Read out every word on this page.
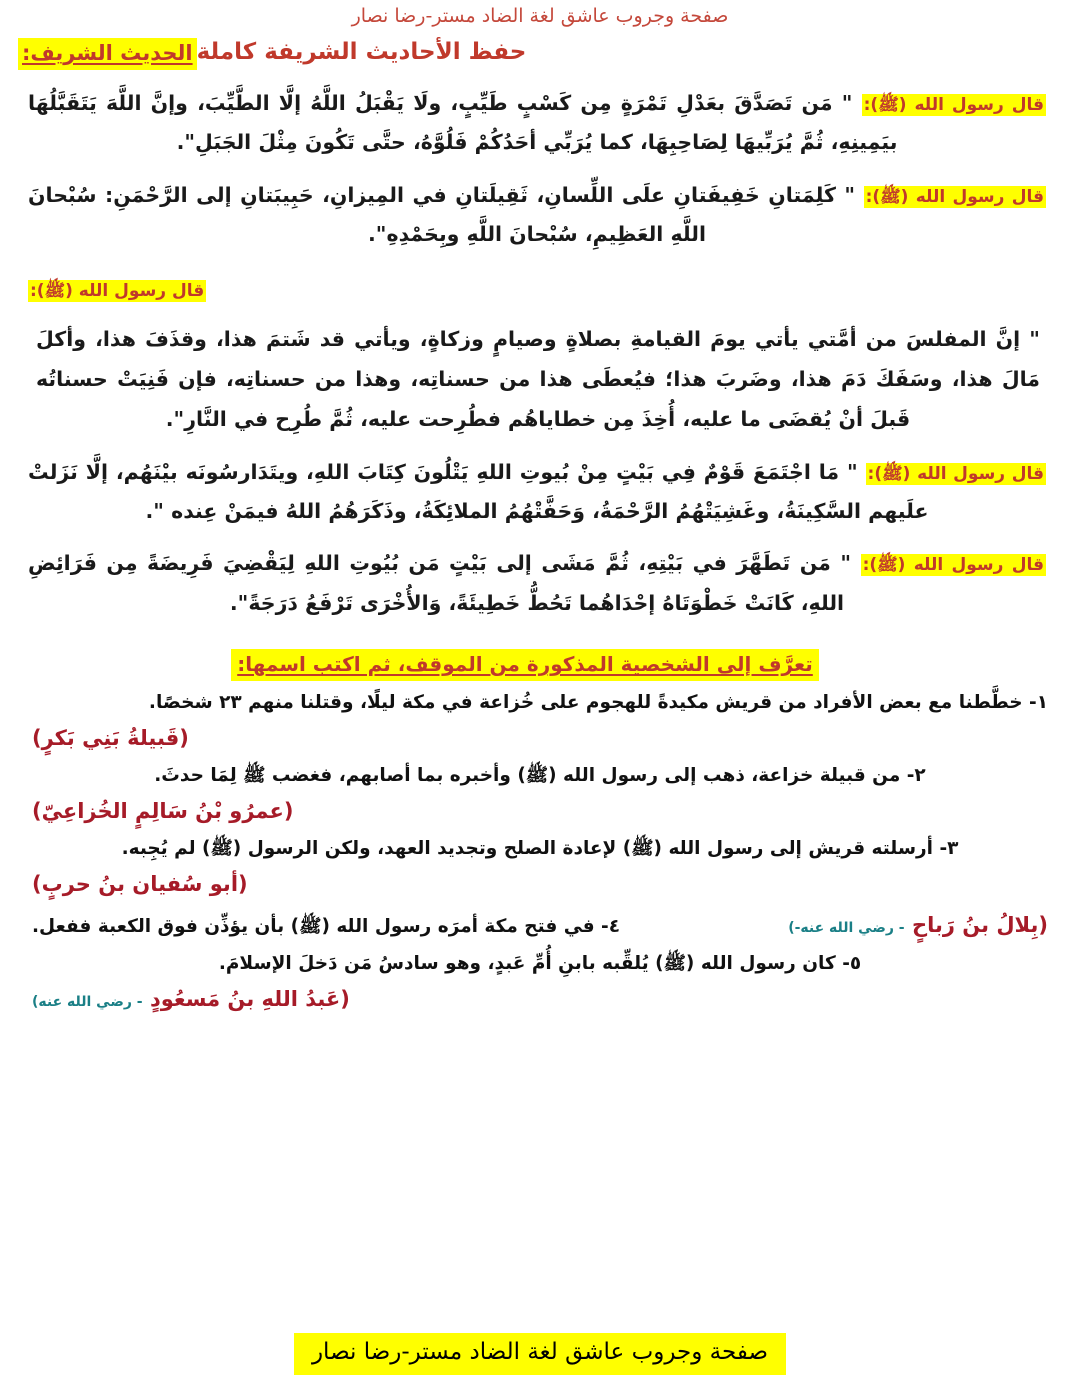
صفحة وجروب عاشق لغة الضاد مستر-رضا نصار
الحديث الشريف: حفظ الأحاديث الشريفة كاملة
قال رسول الله (ﷺ): " مَن تَصَدَّقَ بعَدْلِ تَمْرَةٍ مِن كَسْبٍ طَيِّبٍ، ولَا يَقْبَلُ اللَّهُ إلَّا الطَّيِّبَ، وإنَّ اللَّهَ يَتَقَبَّلُهَا بيَمِينِهِ، ثُمَّ يُرَبِّيهَا لِصَاحِبِهَا، كما يُرَبِّي أحَدُكُمْ فَلُوَّهُ، حتَّى تَكُونَ مِثْلَ الجَبَلِ".
قال رسول الله (ﷺ): " كَلِمَتانِ خَفِيفَتانِ علَى اللِّسانِ، ثَقِيلَتانِ في المِيزانِ، حَبِيبَتانِ إلى الرَّحْمَنِ: سُبْحانَ اللَّهِ العَظِيمِ، سُبْحانَ اللَّهِ وبِحَمْدِهِ".
قال رسول الله (ﷺ):
" إنَّ المفلسَ من أمَّتي يأتي يومَ القيامةِ بصلاةٍ وصيامٍ وزكاةٍ، ويأتي قد شَتمَ هذا، وقذَفَ هذا، وأكلَ مَالَ هذا، وسَفَكَ دَمَ هذا، وضَربَ هذا؛ فيُعطَى هذا من حسناتِه، وهذا من حسناتِه، فإن فَنِيَتْ حسناتُه قَبلَ أنْ يُقضَى ما عليه، أُخِذَ مِن خطاياهُم فطُرِحت عليه، ثُمَّ طُرِح في النَّارِ".
قال رسول الله (ﷺ): " مَا اجْتَمَعَ قَوْمٌ فِي بَيْتٍ مِنْ بُيوتِ اللهِ يَتْلُونَ كِتَابَ اللهِ، ويتَدَارسُونَه بيْنَهُم، إلَّا نَزَلتْ علَيهم السَّكِينَةُ، وغَشِيَتْهُمُ الرَّحْمَةُ، وَحَفَّتْهُمُ الملائِكَةُ، وذَكَرَهُمُ اللهُ فيمَنْ عِنده ".
قال رسول الله (ﷺ): " مَن تَطَهَّرَ في بَيْتِهِ، ثُمَّ مَشَى إلى بَيْتٍ مَن بُيُوتِ اللهِ لِيَقْضِيَ فَرِيضَةً مِن فَرَائِضِ اللهِ، كَانَتْ خَطْوَتَاهُ إحْدَاهُما تَحُطُّ خَطِيئَةً، وَالأُخْرَى تَرْفَعُ دَرَجَةً".
تعرَّف إلى الشخصية المذكورة من الموقف، ثم اكتب اسمها:
١- خطَّطنا مع بعض الأفراد من قريش مكيدةً للهجوم على خُزاعة في مكة ليلًا، وقتلنا منهم ٢٣ شخصًا.
(قَبيلةُ بَنِي بَكرٍ)
٢- من قبيلة خزاعة، ذهب إلى رسول الله (ﷺ) وأخبره بما أصابهم، فغضب ﷺ لِمَا حدثَ.
(عمرُو بْنُ سَالِمٍ الخُزاعِيّ)
٣- أرسلته قريش إلى رسول الله (ﷺ) لإعادة الصلح وتجديد العهد، ولكن الرسول (ﷺ) لم يُجِبه.
(أبو سُفيان بنُ حربٍ)
٤- في فتح مكة أمرَه رسول الله (ﷺ) بأن يؤذِّن فوق الكعبة ففعل.	(بِلالُ بنُ رَباحٍ - رضي الله عنه-)
٥- كان رسول الله (ﷺ) يُلقِّبه بابنِ أُمِّ عَبدٍ، وهو سادسُ مَن دَخلَ الإسلامَ.
(عَبدُ اللهِ بنُ مَسعُودٍ - رضي الله عنه)
صفحة وجروب عاشق لغة الضاد مستر-رضا نصار
